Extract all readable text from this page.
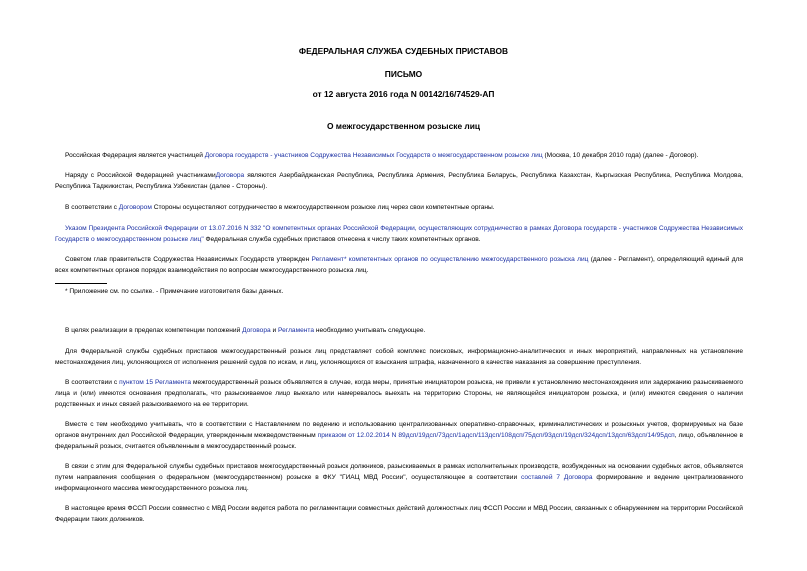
ФЕДЕРАЛЬНАЯ СЛУЖБА СУДЕБНЫХ ПРИСТАВОВ
ПИСЬМО
от 12 августа 2016 года N 00142/16/74529-АП
О межгосударственном розыске лиц
Российская Федерация является участницей Договора государств - участников Содружества Независимых Государств о межгосударственном розыске лиц (Москва, 10 декабря 2010 года) (далее - Договор).
Наряду с Российской Федерацией участникамиДоговора являются Азербайджанская Республика, Республика Армения, Республика Беларусь, Республика Казахстан, Кыргызская Республика, Республика Молдова, Республика Таджикистан, Республика Узбекистан (далее - Стороны).
В соответствии с Договором Стороны осуществляют сотрудничество в межгосударственном розыске лиц через свои компетентные органы.
Указом Президента Российской Федерации от 13.07.2016 N 332 "О компетентных органах Российской Федерации, осуществляющих сотрудничество в рамках Договора государств - участников Содружества Независимых Государств о межгосударственном розыске лиц" Федеральная служба судебных приставов отнесена к числу таких компетентных органов.
Советом глав правительств Содружества Независимых Государств утвержден Регламент* компетентных органов по осуществлению межгосударственного розыска лиц (далее - Регламент), определяющий единый для всех компетентных органов порядок взаимодействия по вопросам межгосударственного розыска лиц.
* Приложение см. по ссылке. - Примечание изготовителя базы данных.
В целях реализации в пределах компетенции положений Договора и Регламента необходимо учитывать следующее.
Для Федеральной службы судебных приставов межгосударственный розыск лиц представляет собой комплекс поисковых, информационно-аналитических и иных мероприятий, направленных на установление местонахождения лиц, уклоняющихся от исполнения решений судов по искам, и лиц, уклоняющихся от взыскания штрафа, назначенного в качестве наказания за совершение преступления.
В соответствии с пунктом 15 Регламента межгосударственный розыск объявляется в случае, когда меры, принятые инициатором розыска, не привели к установлению местонахождения или задержанию разыскиваемого лица и (или) имеются основания предполагать, что разыскиваемое лицо выехало или намеревалось выехать на территорию Стороны, не являющейся инициатором розыска, и (или) имеются сведения о наличии родственных и иных связей разыскиваемого на ее территории.
Вместе с тем необходимо учитывать, что в соответствии с Наставлением по ведению и использованию централизованных оперативно-справочных, криминалистических и розыскных учетов, формируемых на базе органов внутренних дел Российской Федерации, утвержденным межведомственным приказом от 12.02.2014 N 89дсп/19дсп/73дсп/1адсп/113дсп/108дсп/75дсп/93дсп/19дсп/324дсп/13дсп/63дсп/14/95дсп, лицо, объявленное в федеральный розыск, считается объявленным в межгосударственный розыск.
В связи с этим для Федеральной службы судебных приставов межгосударственный розыск должников, разыскиваемых в рамках исполнительных производств, возбужденных на основании судебных актов, объявляется путем направления сообщения о федеральном (межгосударственном) розыске в ФКУ "ГИАЦ МВД России", осуществляющее в соответствии составлей 7 Договора формирование и ведение централизованного информационного массива межгосударственного розыска лиц.
В настоящее время ФССП России совместно с МВД России ведется работа по регламентации совместных действий должностных лиц ФССП России и МВД России, связанных с обнаружением на территории Российской Федерации таких должников.
